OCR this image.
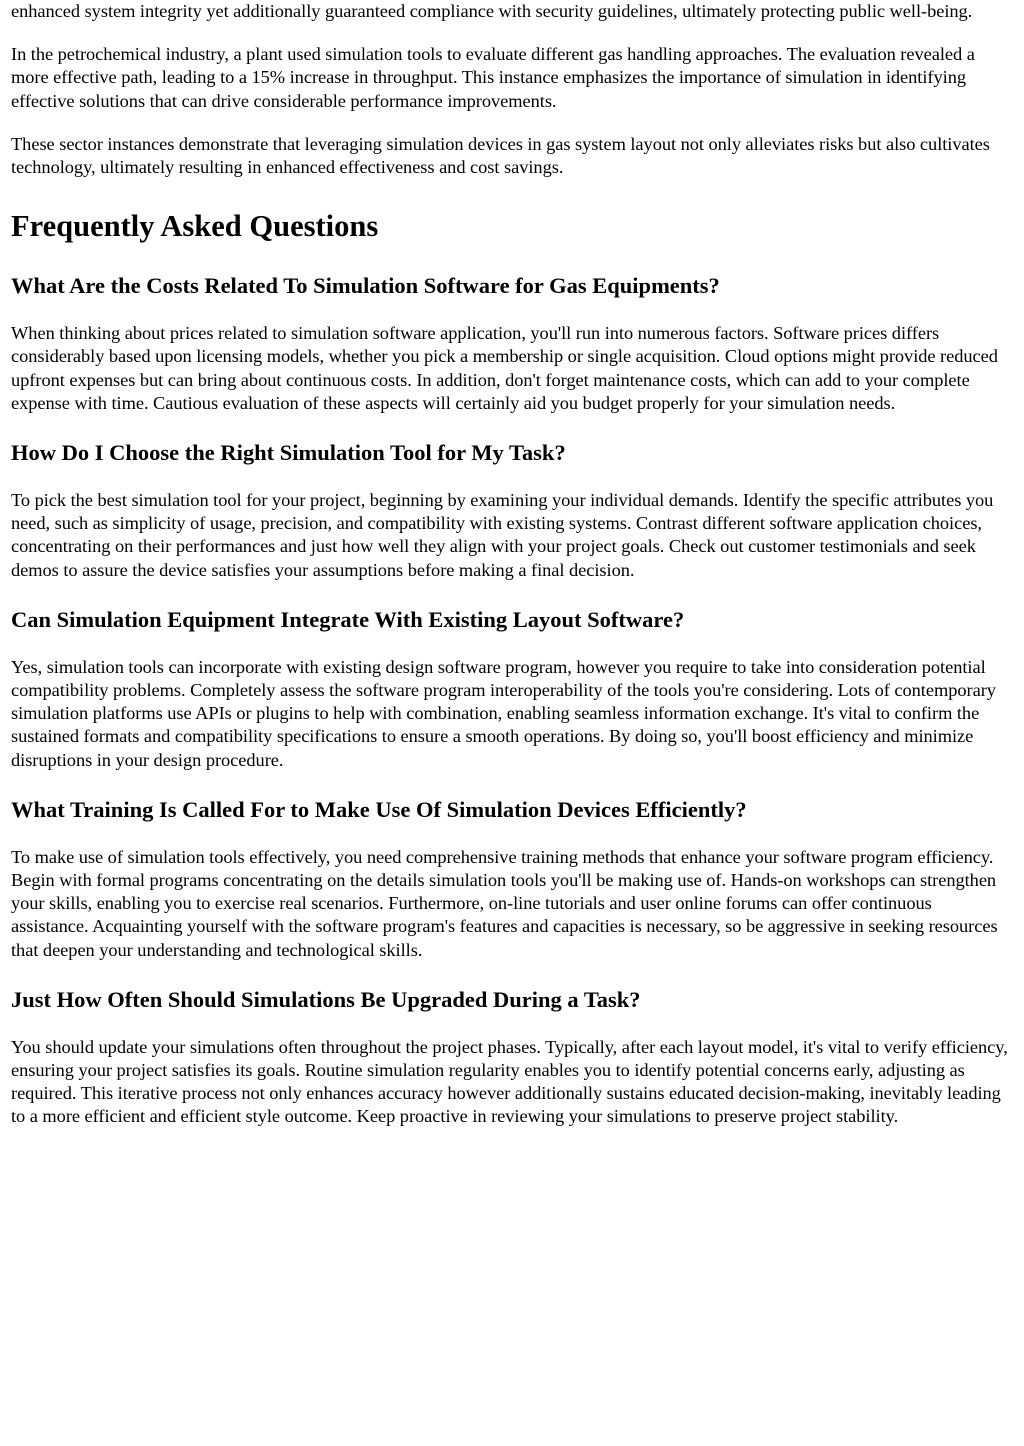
enhanced system integrity yet additionally guaranteed compliance with security guidelines, ultimately protecting public well-being.

In the petrochemical industry, a plant used simulation tools to evaluate different gas handling approaches. The evaluation revealed a more effective path, leading to a 15% increase in throughput. This instance emphasizes the importance of simulation in identifying effective solutions that can drive considerable performance improvements.

These sector instances demonstrate that leveraging simulation devices in gas system layout not only alleviates risks but also cultivates technology, ultimately resulting in enhanced effectiveness and cost savings.

Frequently Asked Questions
What Are the Costs Related To Simulation Software for Gas Equipments?

When thinking about prices related to simulation software application, you'll run into numerous factors. Software prices differs considerably based upon licensing models, whether you pick a membership or single acquisition. Cloud options might provide reduced upfront expenses but can bring about continuous costs. In addition, don't forget maintenance costs, which can add to your complete expense with time. Cautious evaluation of these aspects will certainly aid you budget properly for your simulation needs.

How Do I Choose the Right Simulation Tool for My Task?

To pick the best simulation tool for your project, beginning by examining your individual demands. Identify the specific attributes you need, such as simplicity of usage, precision, and compatibility with existing systems. Contrast different software application choices, concentrating on their performances and just how well they align with your project goals. Check out customer testimonials and seek demos to assure the device satisfies your assumptions before making a final decision.

Can Simulation Equipment Integrate With Existing Layout Software?

Yes, simulation tools can incorporate with existing design software program, however you require to take into consideration potential compatibility problems. Completely assess the software program interoperability of the tools you're considering. Lots of contemporary simulation platforms use APIs or plugins to help with combination, enabling seamless information exchange. It's vital to confirm the sustained formats and compatibility specifications to ensure a smooth operations. By doing so, you'll boost efficiency and minimize disruptions in your design procedure.

What Training Is Called For to Make Use Of Simulation Devices Efficiently?

To make use of simulation tools effectively, you need comprehensive training methods that enhance your software program efficiency. Begin with formal programs concentrating on the details simulation tools you'll be making use of. Hands-on workshops can strengthen your skills, enabling you to exercise real scenarios. Furthermore, on-line tutorials and user online forums can offer continuous assistance. Acquainting yourself with the software program's features and capacities is necessary, so be aggressive in seeking resources that deepen your understanding and technological skills.

Just How Often Should Simulations Be Upgraded During a Task?

You should update your simulations often throughout the project phases. Typically, after each layout model, it's vital to verify efficiency, ensuring your project satisfies its goals. Routine simulation regularity enables you to identify potential concerns early, adjusting as required. This iterative process not only enhances accuracy however additionally sustains educated decision-making, inevitably leading to a more efficient and efficient style outcome. Keep proactive in reviewing your simulations to preserve project stability.
